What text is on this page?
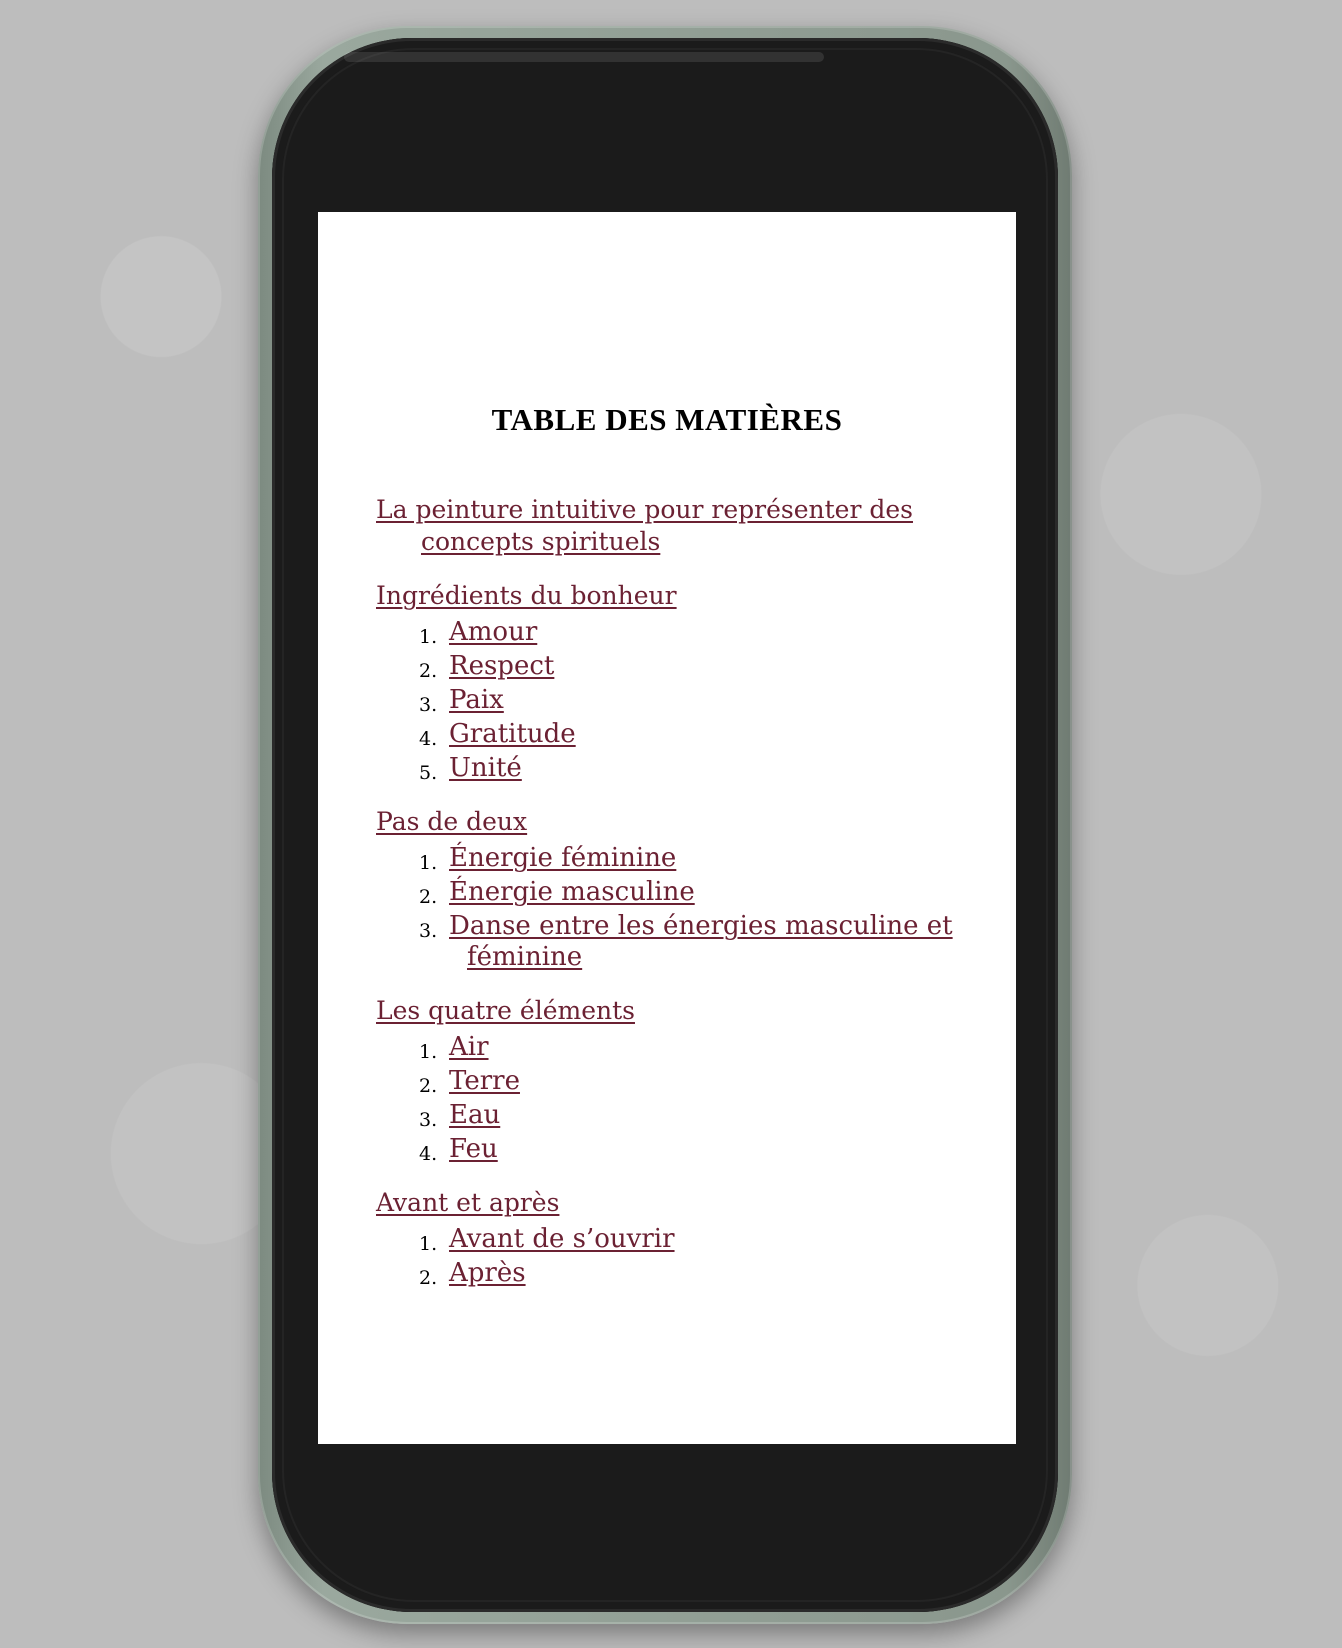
TABLE DES MATIÈRES
La peinture intuitive pour représenter des concepts spirituels
Ingrédients du bonheur
1. Amour
2. Respect
3. Paix
4. Gratitude
5. Unité
Pas de deux
1. Énergie féminine
2. Énergie masculine
3. Danse entre les énergies masculine et féminine
Les quatre éléments
1. Air
2. Terre
3. Eau
4. Feu
Avant et après
1. Avant de s’ouvrir
2. Après
